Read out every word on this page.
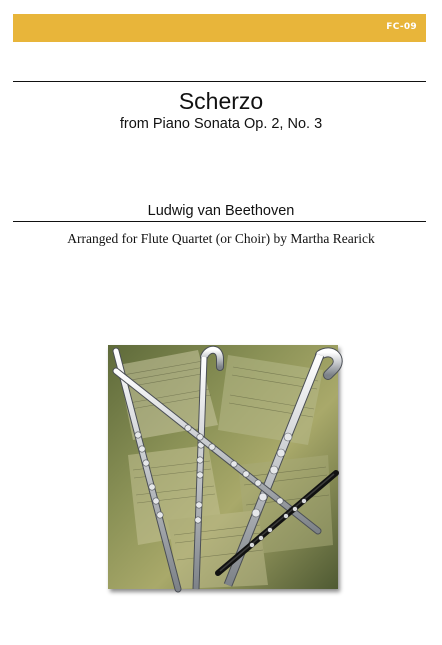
FC-09
Scherzo
from Piano Sonata Op. 2, No. 3
Ludwig van Beethoven
Arranged for Flute Quartet (or Choir) by Martha Rearick
